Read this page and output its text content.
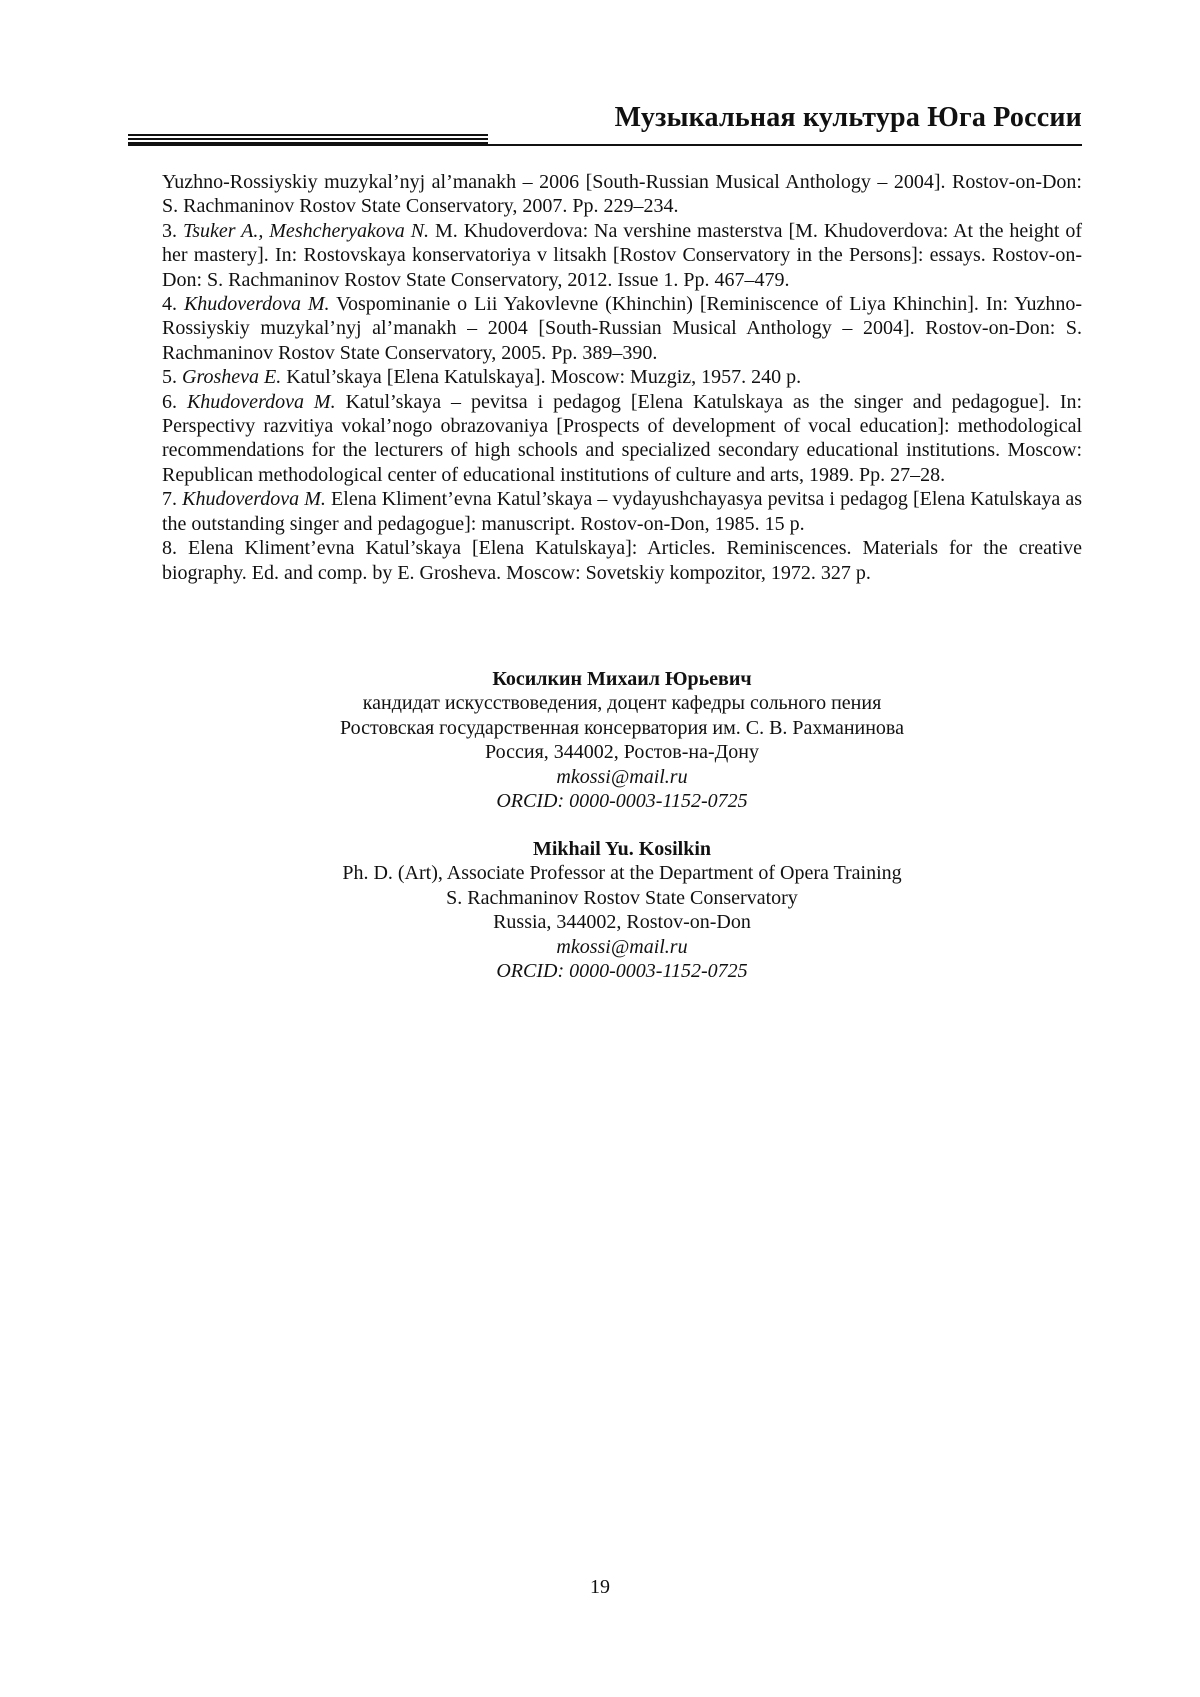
Музыкальная культура Юга России

Yuzhno-Rossiyskiy muzykal’nyj al’manakh – 2006 [South-Russian Musical Anthology – 2004]. Rostov-on-Don: S. Rachmaninov Rostov State Conservatory, 2007. Pp. 229–234.

3. Tsuker A., Meshcheryakova N. M. Khudoverdova: Na vershine masterstva [M. Khudoverdova: At the height of her mastery]. In: Rostovskaya konservatoriya v litsakh [Rostov Conservatory in the Persons]: essays. Rostov-on-Don: S. Rachmaninov Rostov State Conservatory, 2012. Issue 1. Pp. 467–479.

4. Khudoverdova M. Vospominanie o Lii Yakovlevne (Khinchin) [Reminiscence of Liya Khinchin]. In: Yuzhno-Rossiyskiy muzykal’nyj al’manakh – 2004 [South-Russian Musical Anthology – 2004]. Rostov-on-Don: S. Rachmaninov Rostov State Conservatory, 2005. Pp. 389–390.

5. Grosheva E. Katul’skaya [Elena Katulskaya]. Moscow: Muzgiz, 1957. 240 p.

6. Khudoverdova M. Katul’skaya – pevitsa i pedagog [Elena Katulskaya as the singer and pedagogue]. In: Perspectivy razvitiya vokal’nogo obrazovaniya [Prospects of development of vocal education]: methodological recommendations for the lecturers of high schools and specialized secondary educational institutions. Moscow: Republican methodological center of educational institutions of culture and arts, 1989. Pp. 27–28.

7. Khudoverdova M. Elena Kliment’evna Katul’skaya – vydayushchayasya pevitsa i pedagog [Elena Katulskaya as the outstanding singer and pedagogue]: manuscript. Rostov-on-Don, 1985. 15 p.

8. Elena Kliment’evna Katul’skaya [Elena Katulskaya]: Articles. Reminiscences. Materials for the creative biography. Ed. and comp. by E. Grosheva. Moscow: Sovetskiy kompozitor, 1972. 327 p.

Косилкин Михаил Юрьевич
кандидат искусствоведения, доцент кафедры сольного пения
Ростовская государственная консерватория им. С. В. Рахманинова
Россия, 344002, Ростов-на-Дону
mkossi@mail.ru
ORCID: 0000-0003-1152-0725
Mikhail Yu. Kosilkin
Ph. D. (Art), Associate Professor at the Department of Opera Training
S. Rachmaninov Rostov State Conservatory
Russia, 344002, Rostov-on-Don
mkossi@mail.ru
ORCID: 0000-0003-1152-0725
19
